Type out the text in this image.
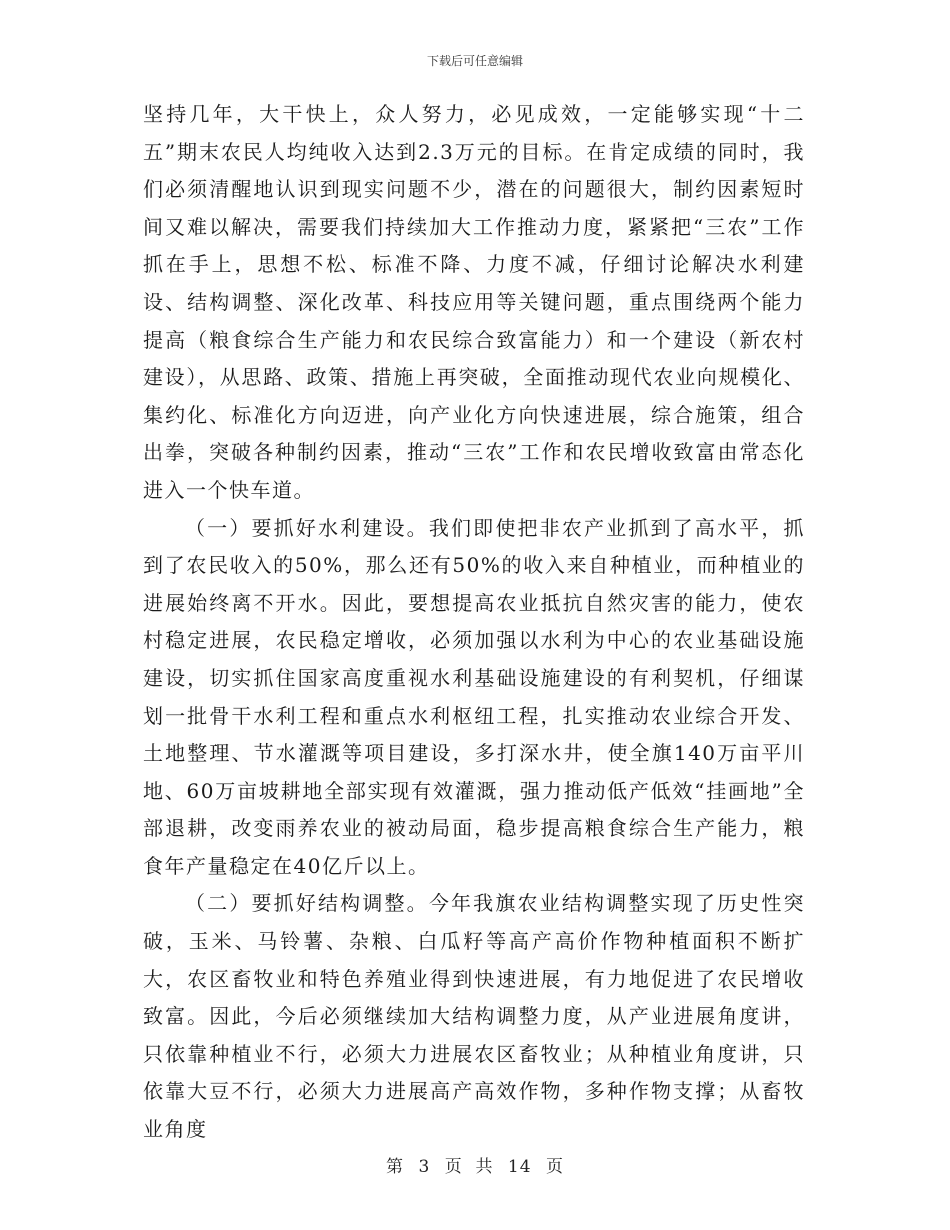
下载后可任意编辑

坚持几年，大干快上，众人努力，必见成效，一定能够实现“十二五”期末农民人均纯收入达到2.3万元的目标。在肯定成绩的同时，我们必须清醒地认识到现实问题不少，潜在的问题很大，制约因素短时间又难以解决，需要我们持续加大工作推动力度，紧紧把“三农”工作抓在手上，思想不松、标准不降、力度不减，仔细讨论解决水利建设、结构调整、深化改革、科技应用等关键问题，重点围绕两个能力提高（粮食综合生产能力和农民综合致富能力）和一个建设（新农村建设），从思路、政策、措施上再突破，全面推动现代农业向规模化、集约化、标准化方向迈进，向产业化方向快速进展，综合施策，组合出拳，突破各种制约因素，推动“三农”工作和农民增收致富由常态化进入一个快车道。

（一）要抓好水利建设。我们即使把非农产业抓到了高水平，抓到了农民收入的50%，那么还有50%的收入来自种植业，而种植业的进展始终离不开水。因此，要想提高农业抵抗自然灾害的能力，使农村稳定进展，农民稳定增收，必须加强以水利为中心的农业基础设施建设，切实抓住国家高度重视水利基础设施建设的有利契机，仔细谋划一批骨干水利工程和重点水利枢纽工程，扎实推动农业综合开发、土地整理、节水灌溉等项目建设，多打深水井，使全旗140万亩平川地、60万亩坡耕地全部实现有效灌溉，强力推动低产低效“挂画地”全部退耕，改变雨养农业的被动局面，稳步提高粮食综合生产能力，粮食年产量稳定在40亿斤以上。

（二）要抓好结构调整。今年我旗农业结构调整实现了历史性突破，玉米、马铃薯、杂粮、白瓜籽等高产高价作物种植面积不断扩大，农区畜牧业和特色养殖业得到快速进展，有力地促进了农民增收致富。因此，今后必须继续加大结构调整力度，从产业进展角度讲，只依靠种植业不行，必须大力进展农区畜牧业；从种植业角度讲，只依靠大豆不行，必须大力进展高产高效作物，多种作物支撑；从畜牧业角度

第 3 页  共 14 页
